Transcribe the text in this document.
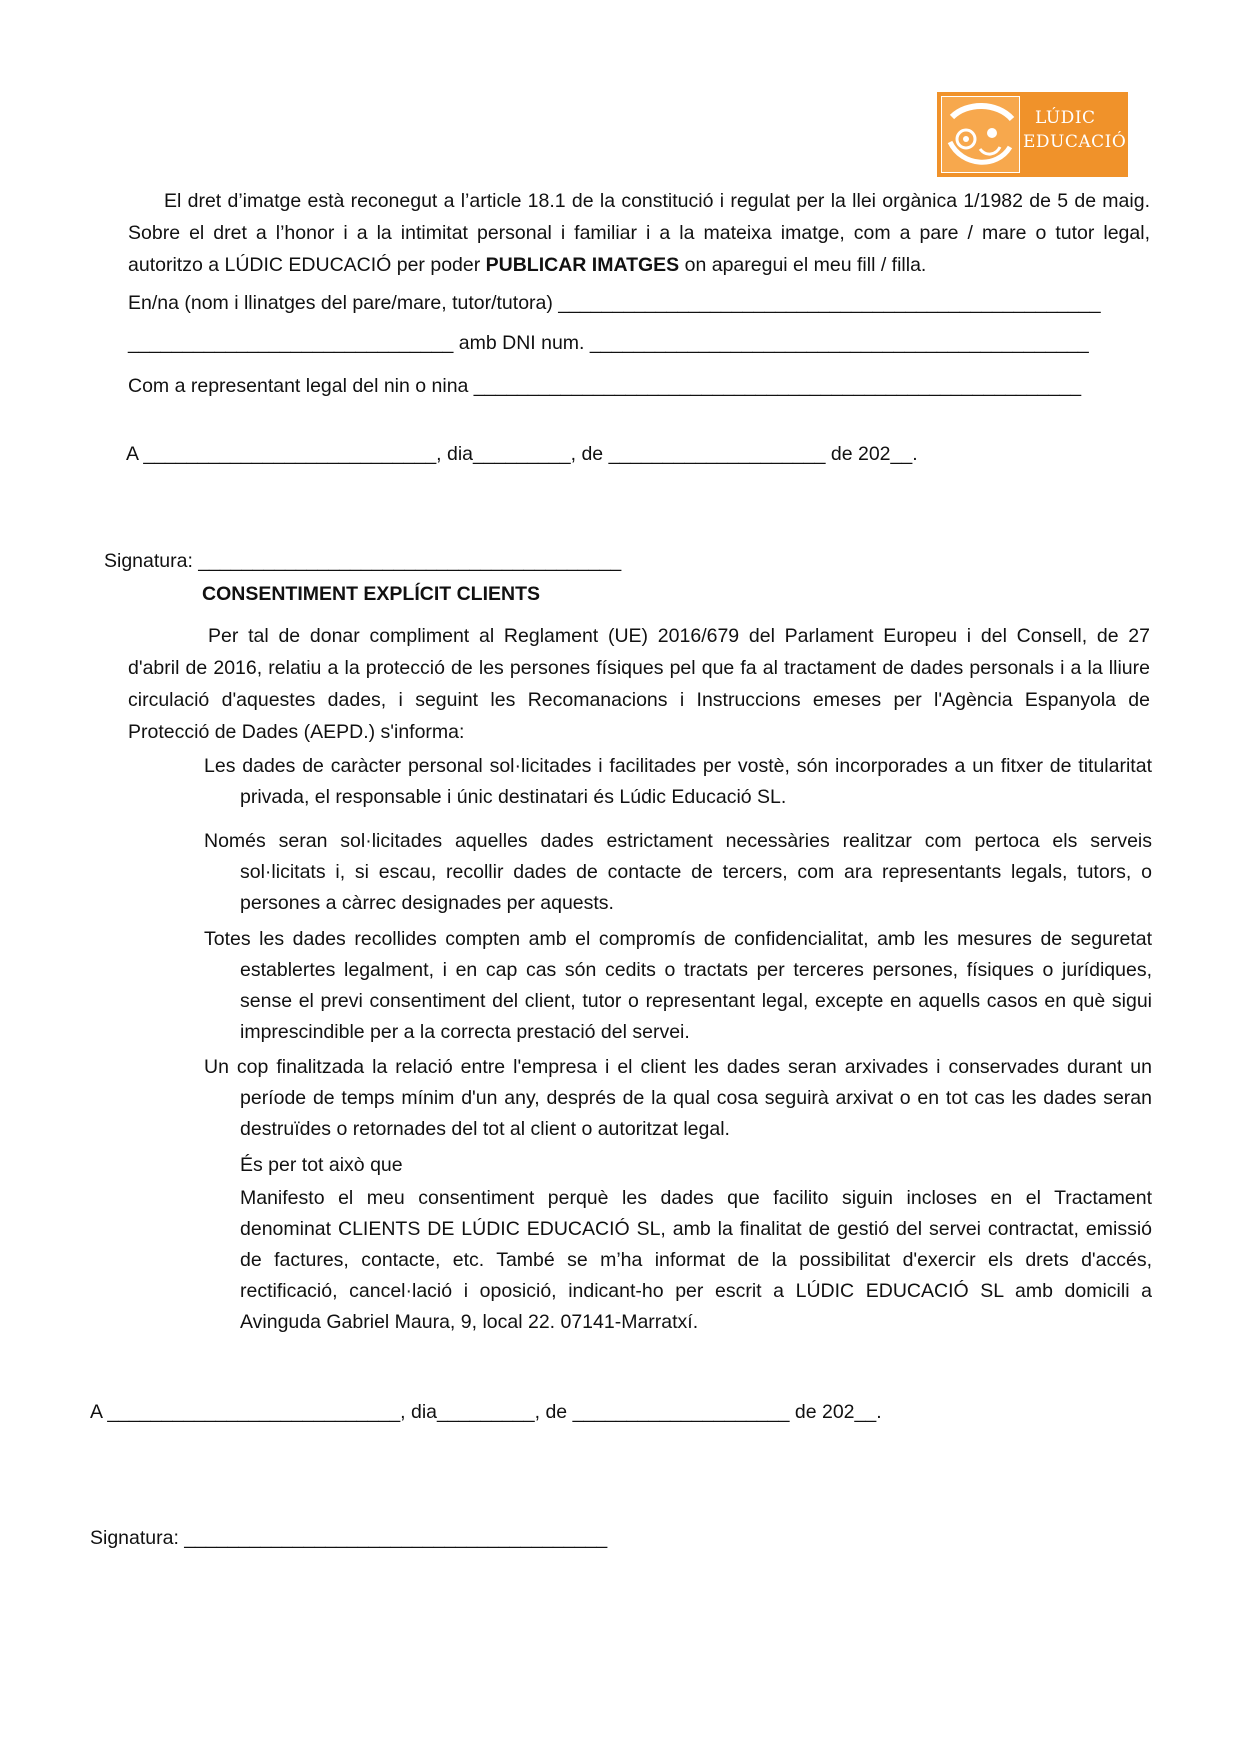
LÚDIC
EDUCACIÓ
El dret d’imatge està reconegut a l’article 18.1 de la constitució i regulat per la llei orgànica 1/1982 de 5 de maig.
Sobre el dret a l’honor i a la intimitat personal i familiar i a la mateixa imatge, com a pare / mare o tutor legal,
autoritzo a LÚDIC EDUCACIÓ per poder PUBLICAR IMATGES on aparegui el meu fill / filla.
En/na (nom i llinatges del pare/mare, tutor/tutora) __________________________________________________
______________________________ amb DNI num. ______________________________________________
Com a representant legal del nin o nina ________________________________________________________
A ___________________________, dia_________, de ____________________ de 202__.
Signatura: _______________________________________
CONSENTIMENT EXPLÍCIT CLIENTS
Per tal de donar compliment al Reglament (UE) 2016/679 del Parlament Europeu i del Consell, de 27
d'abril de 2016, relatiu a la protecció de les persones físiques pel que fa al tractament de dades personals i a la lliure
circulació d'aquestes dades, i seguint les Recomanacions i Instruccions emeses per l'Agència Espanyola de
Protecció de Dades (AEPD.) s'informa:
Les dades de caràcter personal sol·licitades i facilitades per vostè, són incorporades a un fitxer de titularitat
privada, el responsable i únic destinatari és Lúdic Educació SL.
Només seran sol·licitades aquelles dades estrictament necessàries realitzar com pertoca els serveis
sol·licitats i, si escau, recollir dades de contacte de tercers, com ara representants legals, tutors, o
persones a càrrec designades per aquests.
Totes les dades recollides compten amb el compromís de confidencialitat, amb les mesures de seguretat
establertes legalment, i en cap cas són cedits o tractats per terceres persones, físiques o jurídiques,
sense el previ consentiment del client, tutor o representant legal, excepte en aquells casos en què sigui
imprescindible per a la correcta prestació del servei.
Un cop finalitzada la relació entre l'empresa i el client les dades seran arxivades i conservades durant un
període de temps mínim d'un any, després de la qual cosa seguirà arxivat o en tot cas les dades seran
destruïdes o retornades del tot al client o autoritzat legal.
És per tot això que
Manifesto el meu consentiment perquè les dades que facilito siguin incloses en el Tractament
denominat CLIENTS DE LÚDIC EDUCACIÓ SL, amb la finalitat de gestió del servei contractat, emissió
de factures, contacte, etc. També se m’ha informat de la possibilitat d'exercir els drets d'accés,
rectificació, cancel·lació i oposició, indicant-ho per escrit a LÚDIC EDUCACIÓ SL amb domicili a
Avinguda Gabriel Maura, 9, local 22. 07141-Marratxí.
A ___________________________, dia_________, de ____________________ de 202__.
Signatura: _______________________________________
